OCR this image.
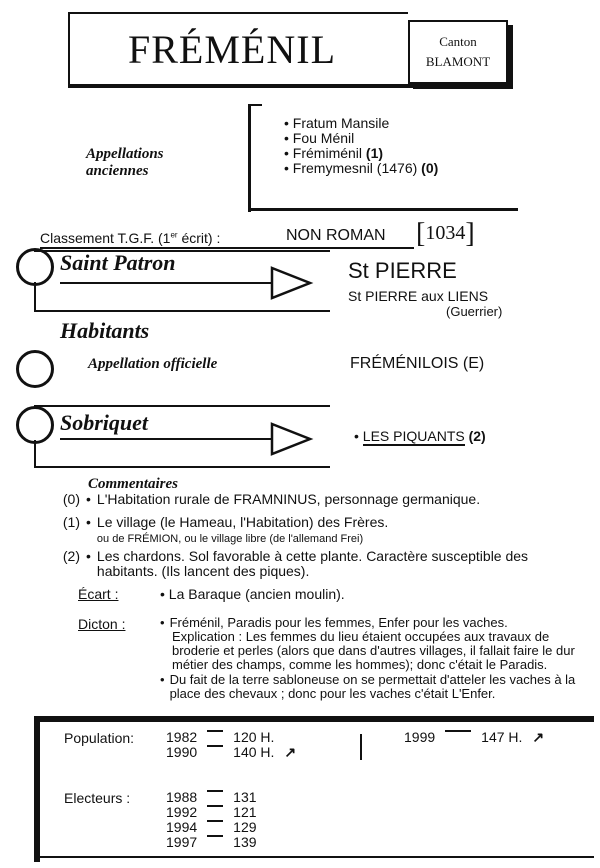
FRÉMÉNIL	Canton
BLAMONT
Appellations anciennes
• Fratum Mansile
• Fou Ménil
• Frémiménil (1)
• Fremymesnil (1476) (0)
Classement T.G.F. (1er écrit) :	NON ROMAN [1034]
Saint Patron	St PIERRE
St PIERRE aux LIENS
(Guerrier)
Habitants
Appellation officielle	FRÉMÉNILOIS (E)
Sobriquet
• LES PIQUANTS (2)
Commentaires
(0) • L'Habitation rurale de FRAMNINUS, personnage germanique.
(1) • Le village (le Hameau, l'Habitation) des Frères.
ou de FRÉMION, ou le village libre (de l'allemand Frei)
(2) • Les chardons. Sol favorable à cette plante. Caractère susceptible des habitants. (Ils lancent des piques).
Écart :	• La Baraque (ancien moulin).
Dicton :	• Fréménil, Paradis pour les femmes, Enfer pour les vaches.
Explication : Les femmes du lieu étaient occupées aux travaux de broderie et perles (alors que dans d'autres villages, il fallait faire le dur métier des champs, comme les hommes); donc c'était le Paradis.
• Du fait de la terre sabloneuse on se permettait d'atteler les vaches à la place des chevaux ; donc pour les vaches c'était L'Enfer.
Population: 1982	120 H.
1990	140 H. ↗
1999	147 H. ↗
Electeurs :	1988	131
1992	121
1994	129
1997	139
